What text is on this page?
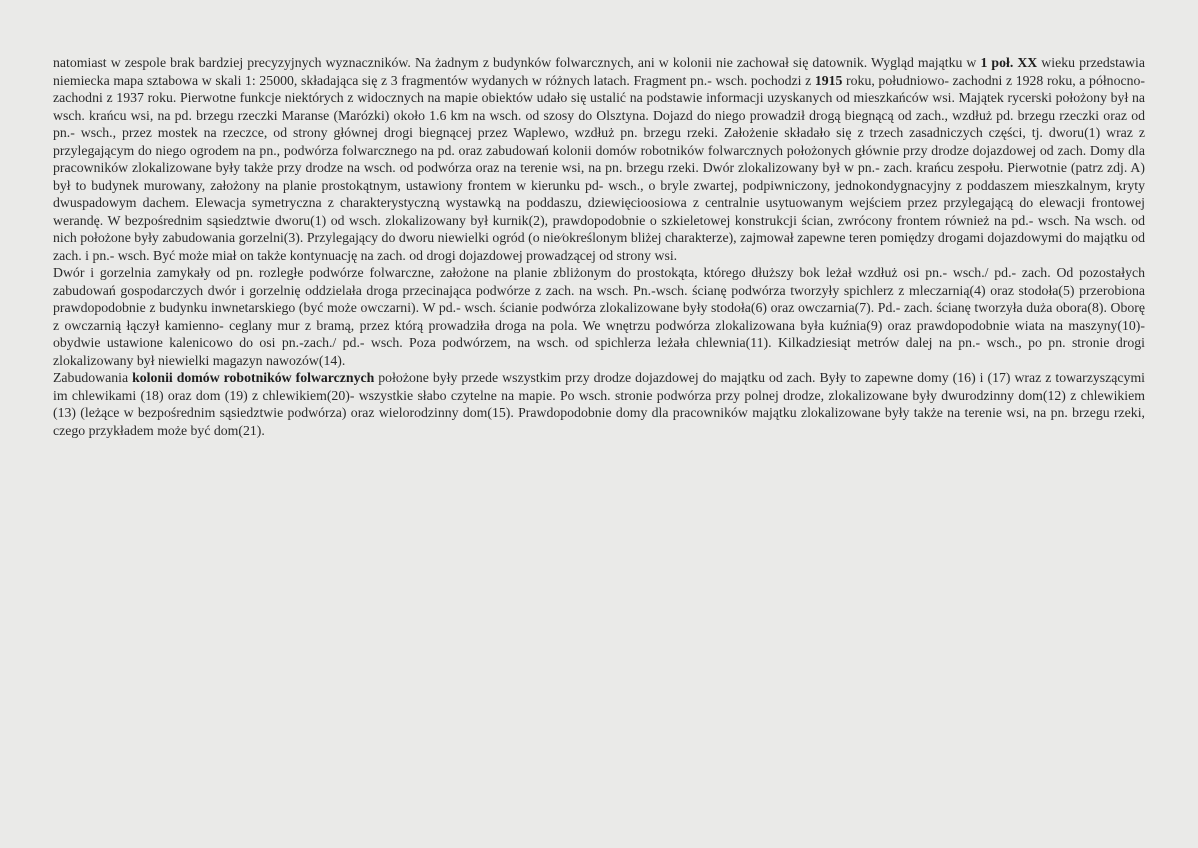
natomiast w zespole brak bardziej precyzyjnych wyznaczników. Na żadnym z budynków folwarcznych, ani w kolonii nie zachował się datownik. Wygląd majątku w 1 poł. XX wieku przedstawia niemiecka mapa sztabowa w skali 1: 25000, składająca się z 3 fragmentów wydanych w różnych latach. Fragment pn.- wsch. pochodzi z 1915 roku, południowo- zachodni z 1928 roku, a północno- zachodni z 1937 roku. Pierwotne funkcje niektórych z widocznych na mapie obiektów udało się ustalić na podstawie informacji uzyskanych od mieszkańców wsi. Majątek rycerski położony był na wsch. krańcu wsi, na pd. brzegu rzeczki Maranse (Marózki) około 1.6 km na wsch. od szosy do Olsztyna. Dojazd do niego prowadził drogą biegnącą od zach., wzdłuż pd. brzegu rzeczki oraz od pn.- wsch., przez mostek na rzeczce, od strony głównej drogi biegnącej przez Waplewo, wzdłuż pn. brzegu rzeki. Założenie składało się z trzech zasadniczych części, tj. dworu(1) wraz z przylegającym do niego ogrodem na pn., podwórza folwarcznego na pd. oraz zabudowań kolonii domów robotników folwarcznych położonych głównie przy drodze dojazdowej od zach. Domy dla pracowników zlokalizowane były także przy drodze na wsch. od podwórza oraz na terenie wsi, na pn. brzegu rzeki. Dwór zlokalizowany był w pn.- zach. krańcu zespołu. Pierwotnie (patrz zdj. A) był to budynek murowany, założony na planie prostokątnym, ustawiony frontem w kierunku pd- wsch., o bryle zwartej, podpiwniczony, jednokondygnacyjny z poddaszem mieszkalnym, kryty dwuspadowym dachem. Elewacja symetryczna z charakterystyczną wystawką na poddaszu, dziewięcioosiowa z centralnie usytuowanym wejściem przez przylegającą do elewacji frontowej werandę. W bezpośrednim sąsiedztwie dworu(1) od wsch. zlokalizowany był kurnik(2), prawdopodobnie o szkieletowej konstrukcji ścian, zwrócony frontem również na pd.- wsch. Na wsch. od nich położone były zabudowania gorzelni(3). Przylegający do dworu niewielki ogród (o nie⁄określonym bliżej charakterze), zajmował zapewne teren pomiędzy drogami dojazdowymi do majątku od zach. i pn.- wsch. Być może miał on także kontynuację na zach. od drogi dojazdowej prowadzącej od strony wsi.

Dwór i gorzelnia zamykały od pn. rozległe podwórze folwarczne, założone na planie zbliżonym do prostokąta, którego dłuższy bok leżał wzdłuż osi pn.- wsch./ pd.- zach. Od pozostałych zabudowań gospodarczych dwór i gorzelnię oddzielała droga przecinająca podwórze z zach. na wsch. Pn.-wsch. ścianę podwórza tworzyły spichlerz z mleczarnią(4) oraz stodoła(5) przerobiona prawdopodobnie z budynku inwnetarskiego (być może owczarni). W pd.- wsch. ścianie podwórza zlokalizowane były stodoła(6) oraz owczarnia(7). Pd.- zach. ścianę tworzyła duża obora(8). Oborę z owczarnią łączył kamienno- ceglany mur z bramą, przez którą prowadziła droga na pola. We wnętrzu podwórza zlokalizowana była kuźnia(9) oraz prawdopodobnie wiata na maszyny(10)- obydwie ustawione kalenicowo do osi pn.-zach./ pd.- wsch. Poza podwórzem, na wsch. od spichlerza leżała chlewnia(11). Kilkadziesiąt metrów dalej na pn.- wsch., po pn. stronie drogi zlokalizowany był niewielki magazyn nawozów(14).

Zabudowania kolonii domów robotników folwarcznych położone były przede wszystkim przy drodze dojazdowej do majątku od zach. Były to zapewne domy (16) i (17) wraz z towarzyszącymi im chlewikami (18) oraz dom (19) z chlewikiem(20)- wszystkie słabo czytelne na mapie. Po wsch. stronie podwórza przy polnej drodze, zlokalizowane były dwurodzinny dom(12) z chlewikiem (13) (leżące w bezpośrednim sąsiedztwie podwórza) oraz wielorodzinny dom(15). Prawdopodobnie domy dla pracowników majątku zlokalizowane były także na terenie wsi, na pn. brzegu rzeki, czego przykładem może być dom(21).
